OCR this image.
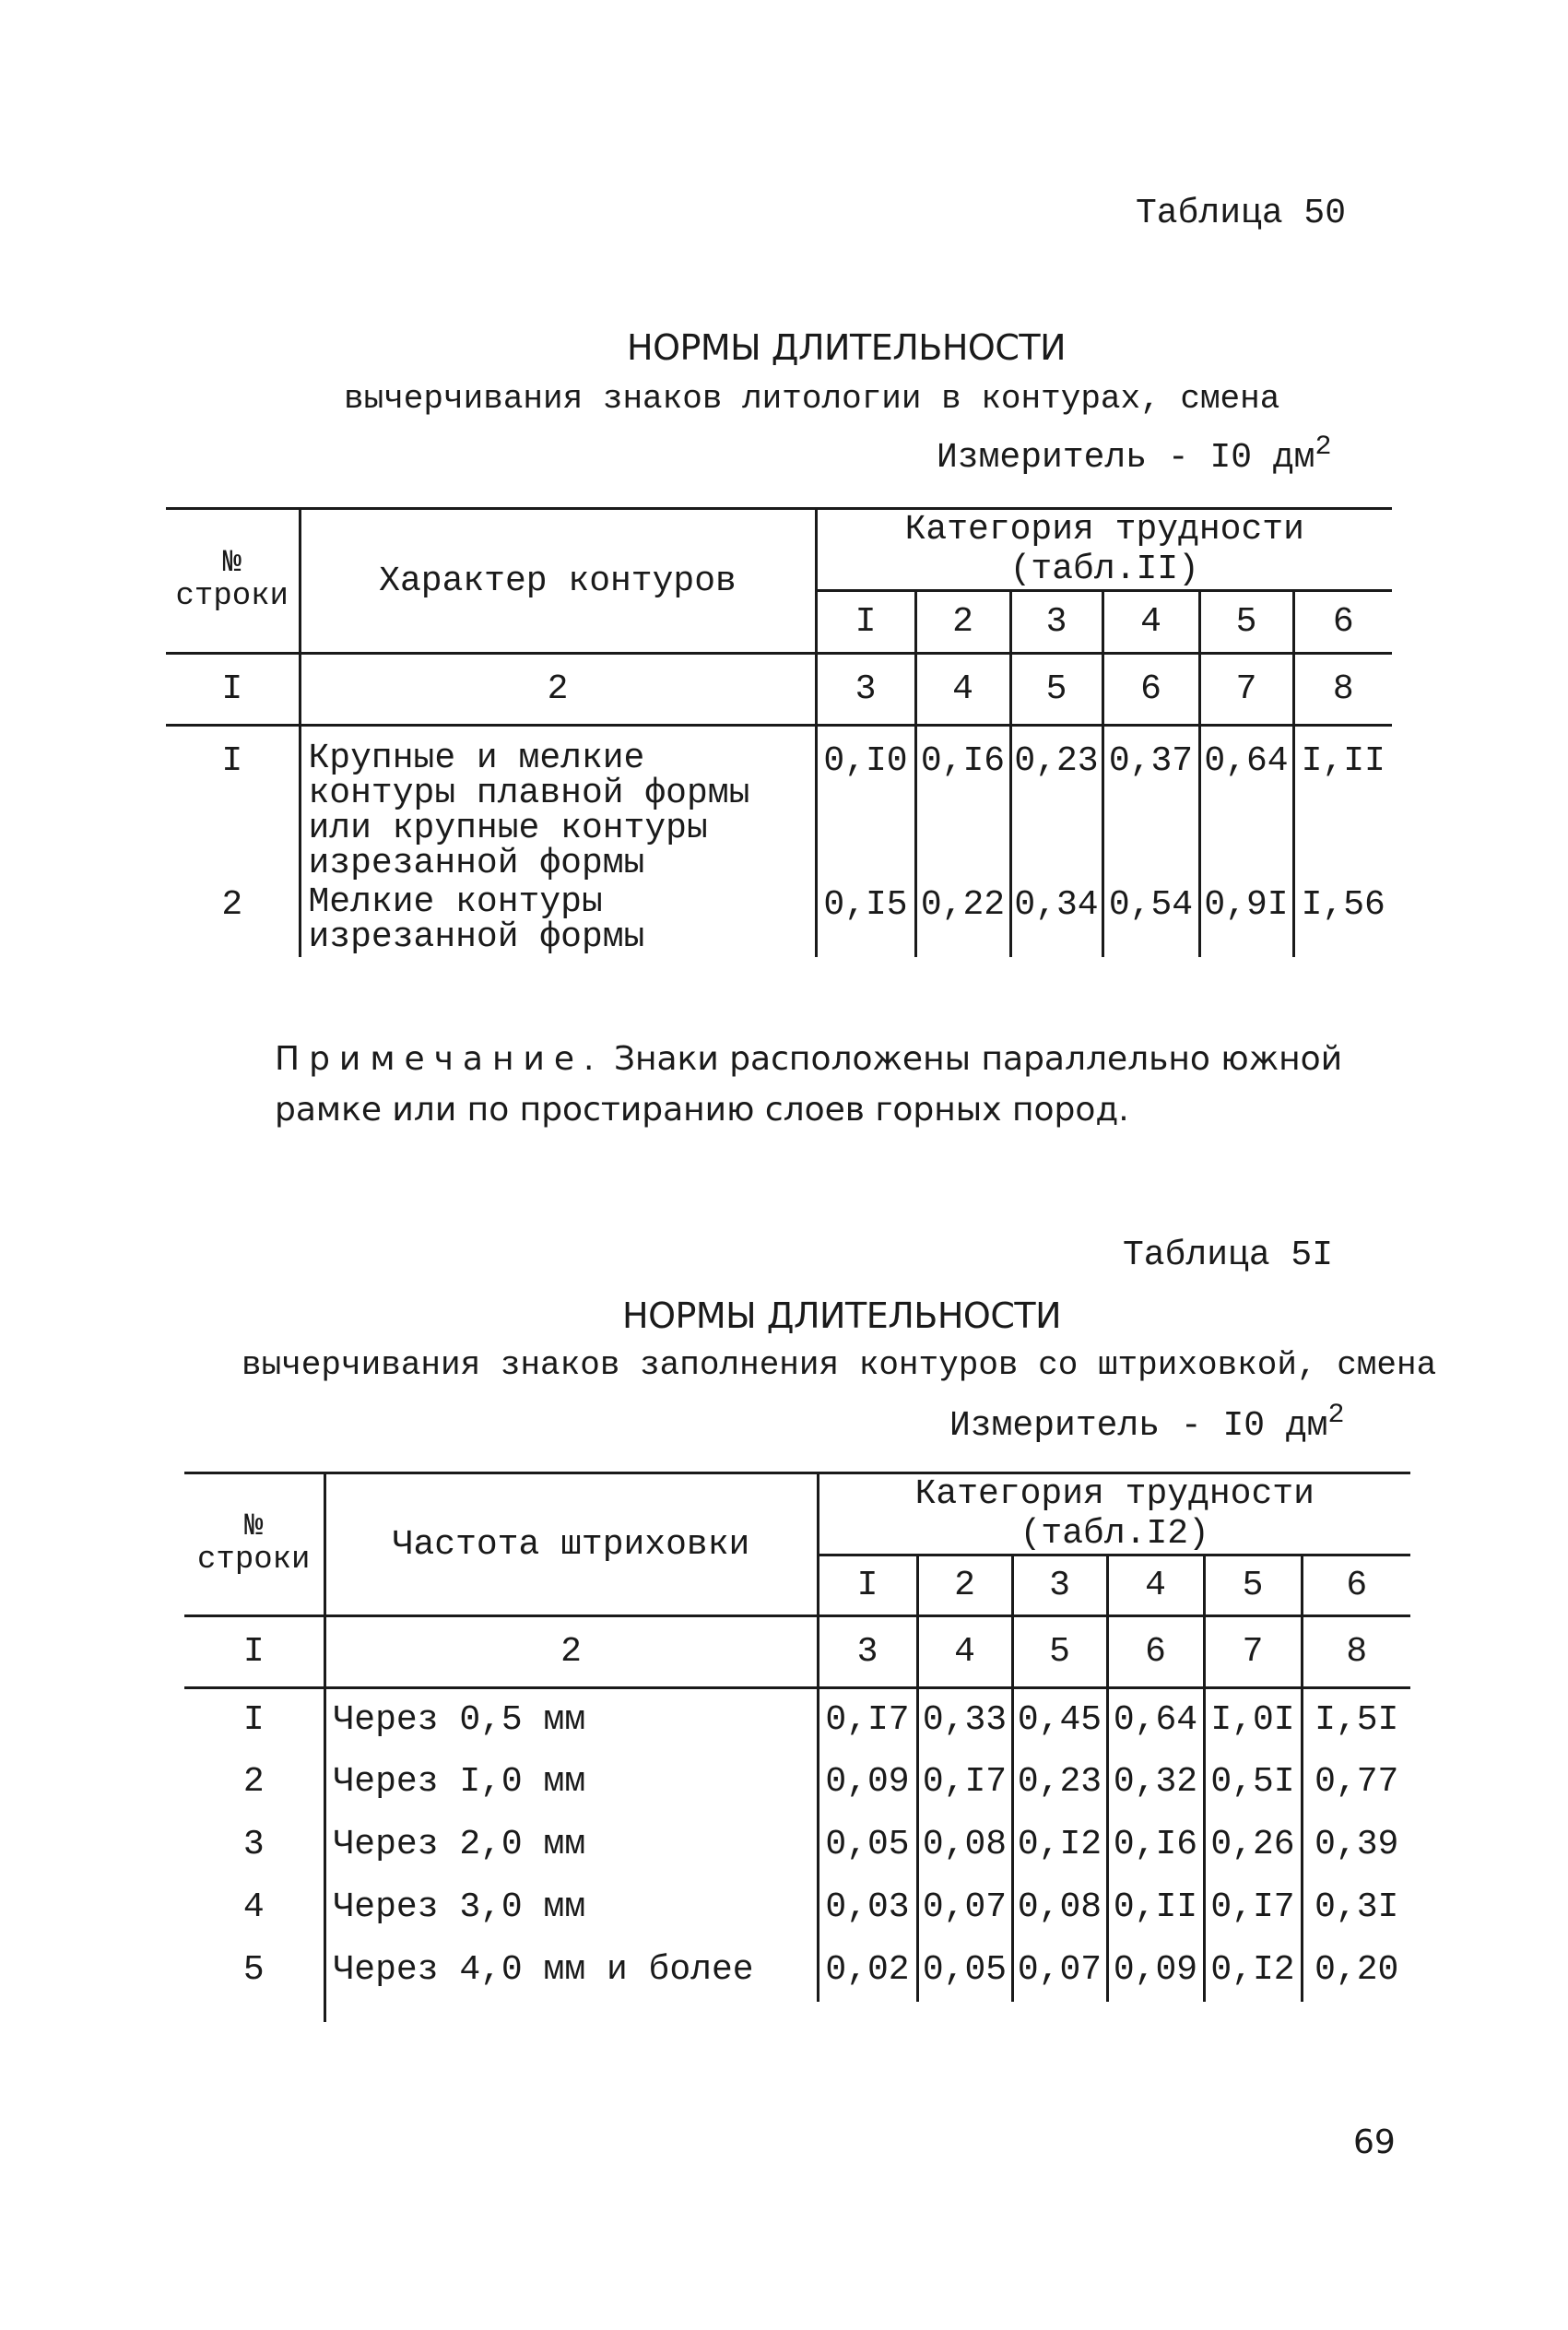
Таблица 50
НОРМЫ ДЛИТЕЛЬНОСТИ
вычерчивания знаков литологии в контурах, смена
Измеритель - I0 $дм^2$
№ строки	Характер контуров	Категория трудности (табл.II)					
		I	2	3	4	5	6
I	2	3	4	5	6	7	8
I	Крупные и мелкие контуры плавной формы или крупные контуры изрезанной формы	0,I0	0,I6	0,23	0,37	0,64	I,II
2	Мелкие контуры изрезанной формы	0,I5	0,22	0,34	0,54	0,9I	I,56
Примечание. Знаки расположены параллельно южной
рамке или по простиранию слоев горных пород.
Таблица 5I
НОРМЫ ДЛИТЕЛЬНОСТИ
вычерчивания знаков заполнения контуров со штриховкой, смена
Измеритель - I0 $дм^2$
№ строки	Частота штриховки	Категория трудности (табл.I2)					
		I	2	3	4	5	6
I	2	3	4	5	6	7	8
I	Через 0,5 мм	0,I7	0,33	0,45	0,64	I,0I	I,5I
2	Через I,0 мм	0,09	0,I7	0,23	0,32	0,5I	0,77
3	Через 2,0 мм	0,05	0,08	0,I2	0,I6	0,26	0,39
4	Через 3,0 мм	0,03	0,07	0,08	0,II	0,I7	0,3I
5	Через 4,0 мм и более	0,02	0,05	0,07	0,09	0,I2	0,20

69
